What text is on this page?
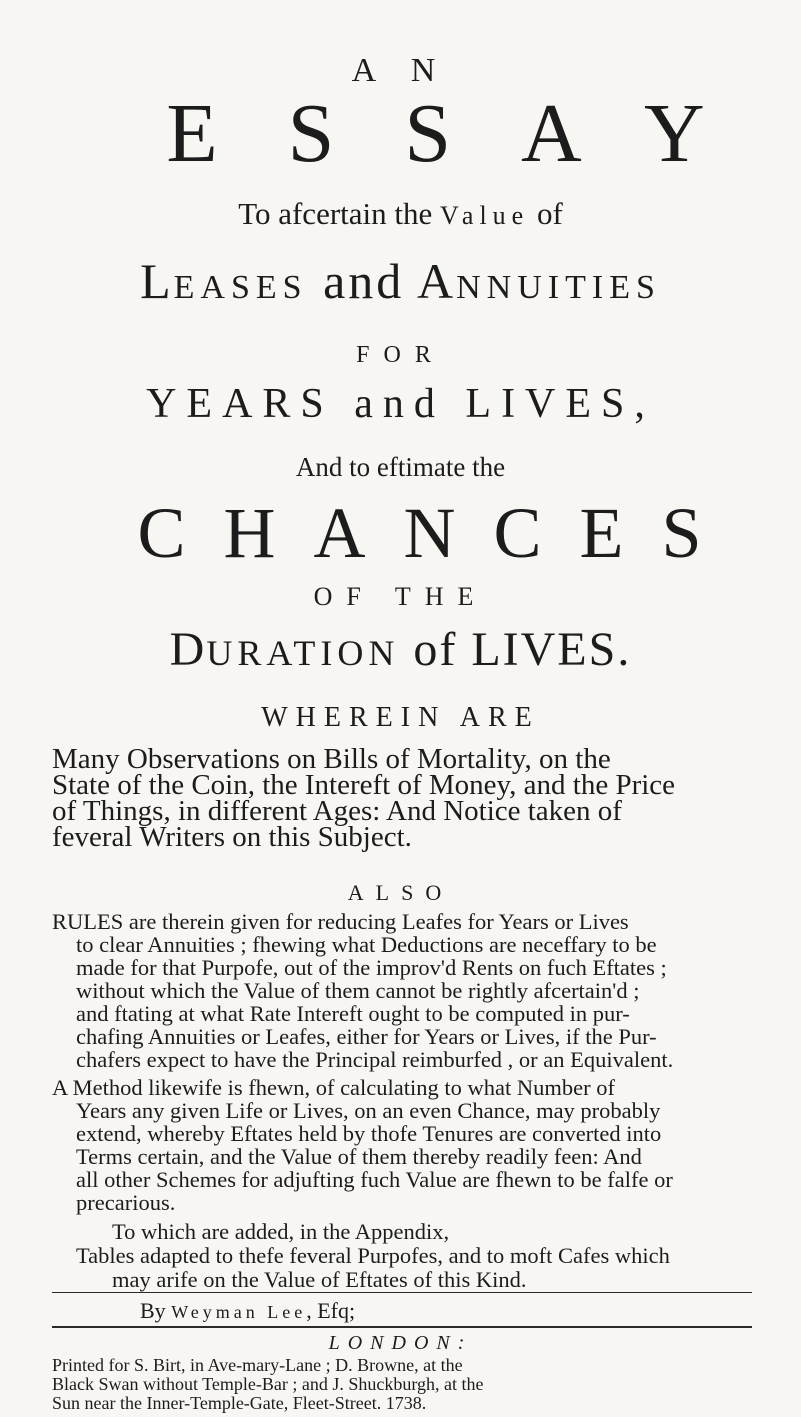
A N
ESSAY
To afcertain the Value of
LEASES and ANNUITIES
FOR
YEARS and LIVES,
And to eftimate the
CHANCES
OF THE
DURATION of LIVES.
WHEREIN ARE
Many Observations on Bills of Mortality, on the
State of the Coin, the Intereft of Money, and the Price
of Things, in different Ages: And Notice taken of
feveral Writers on this Subject.
ALSO
RULES are therein given for reducing Leafes for Years or Lives
to clear Annuities ; fhewing what Deductions are neceffary to be
made for that Purpofe, out of the improv'd Rents on fuch Eftates ;
without which the Value of them cannot be rightly afcertain'd ;
and ftating at what Rate Intereft ought to be computed in pur-
chafing Annuities or Leafes, either for Years or Lives, if the Pur-
chafers expect to have the Principal reimburfed , or an Equivalent.
A Method likewife is fhewn, of calculating to what Number of
Years any given Life or Lives, on an even Chance, may probably
extend, whereby Eftates held by thofe Tenures are converted into
Terms certain, and the Value of them thereby readily feen: And
all other Schemes for adjufting fuch Value are fhewn to be falfe or
precarious.
To which are added, in the Appendix,
Tables adapted to thefe feveral Purpofes, and to moft Cafes which
may arife on the Value of Eftates of this Kind.
By Weyman Lee, Efq;
LONDON:
Printed for S. Birt, in Ave-mary-Lane ; D. Browne, at the
Black Swan without Temple-Bar ; and J. Shuckburgh, at the
Sun near the Inner-Temple-Gate, Fleet-Street. 1738.
